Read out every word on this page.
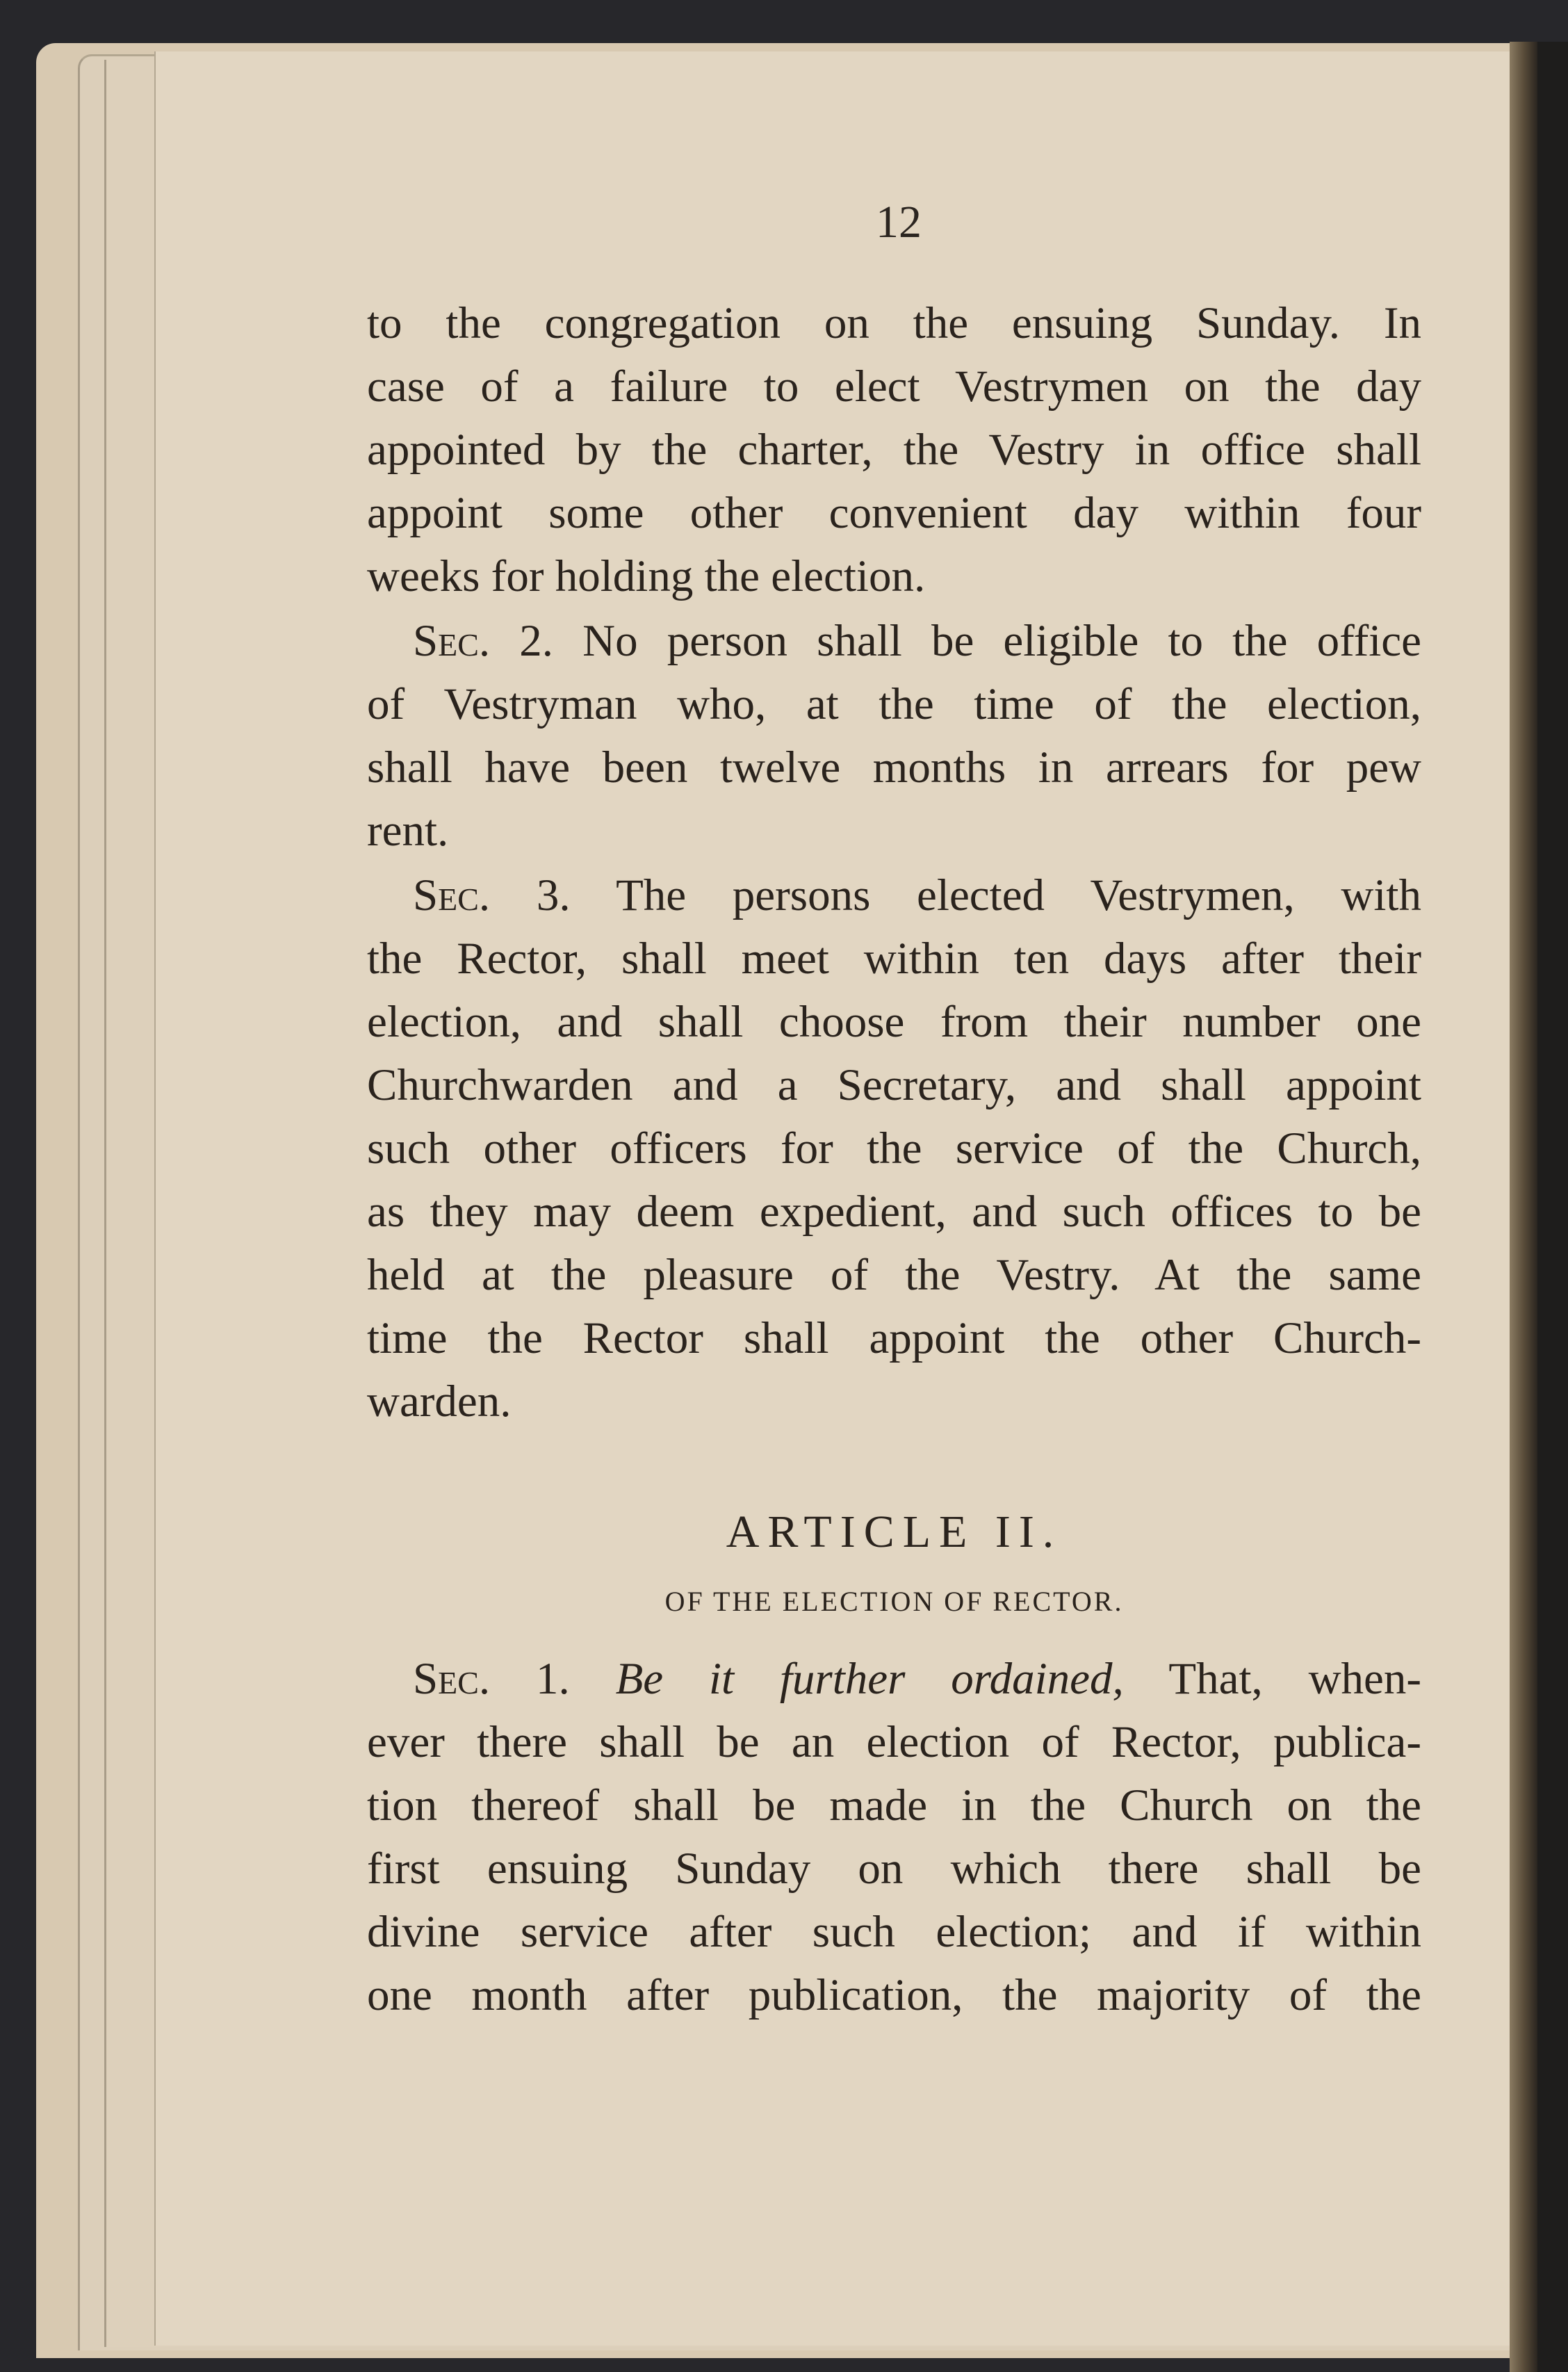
12
to the congregation on the ensuing Sunday. In
case of a failure to elect Vestrymen on the day
appointed by the charter, the Vestry in office shall
appoint some other convenient day within four
weeks for holding the election.
Sec. 2. No person shall be eligible to the office
of Vestryman who, at the time of the election,
shall have been twelve months in arrears for pew
rent.
Sec. 3. The persons elected Vestrymen, with
the Rector, shall meet within ten days after their
election, and shall choose from their number one
Churchwarden and a Secretary, and shall appoint
such other officers for the service of the Church,
as they may deem expedient, and such offices to be
held at the pleasure of the Vestry. At the same
time the Rector shall appoint the other Church-
warden.
ARTICLE II.
OF THE ELECTION OF RECTOR.
Sec. 1. Be it further ordained, That, when-
ever there shall be an election of Rector, publica-
tion thereof shall be made in the Church on the
first ensuing Sunday on which there shall be
divine service after such election; and if within
one month after publication, the majority of the
